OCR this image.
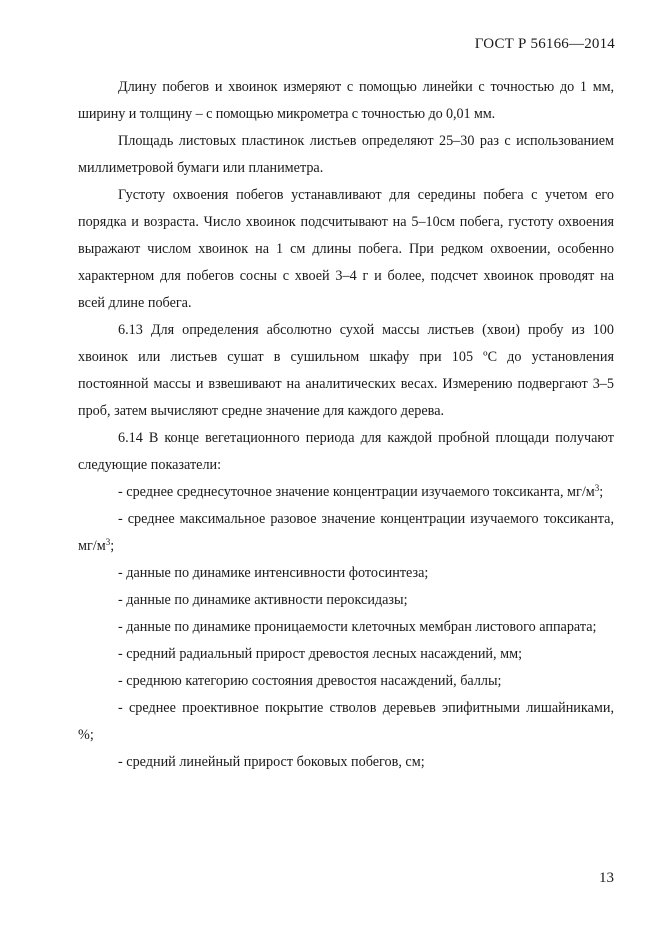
ГОСТ Р 56166—2014

Длину побегов и хвоинок измеряют с помощью линейки с точностью до 1 мм, ширину и толщину – с помощью микрометра с точностью до 0,01 мм.

Площадь листовых пластинок листьев определяют 25–30 раз с использованием миллиметровой бумаги или планиметра.

Густоту охвоения побегов устанавливают для середины побега с учетом его порядка и возраста. Число хвоинок подсчитывают на 5–10см побега, густоту охвоения выражают числом хвоинок на 1 см длины побега. При редком охвоении, особенно характерном для побегов сосны с хвоей 3–4 г и более, подсчет хвоинок проводят на всей длине побега.

6.13 Для определения абсолютно сухой массы листьев (хвои) пробу из 100 хвоинок или листьев сушат в сушильном шкафу при 105 ºС до установления постоянной массы и взвешивают на аналитических весах. Измерению подвергают 3–5 проб, затем вычисляют средне значение для каждого дерева.

6.14 В конце вегетационного периода для каждой пробной площади получают следующие показатели:

- среднее среднесуточное значение концентрации изучаемого токсиканта, $мг/м^3$;

- среднее максимальное разовое значение концентрации изучаемого токсиканта, $мг/м^3$;

- данные по динамике интенсивности фотосинтеза;

- данные по динамике активности пероксидазы;

- данные по динамике проницаемости клеточных мембран листового аппарата;

- средний радиальный прирост древостоя лесных насаждений, мм;

- среднюю категорию состояния древостоя насаждений, баллы;

- среднее проективное покрытие стволов деревьев эпифитными лишайниками, %;

- средний линейный прирост боковых побегов, см;

13
